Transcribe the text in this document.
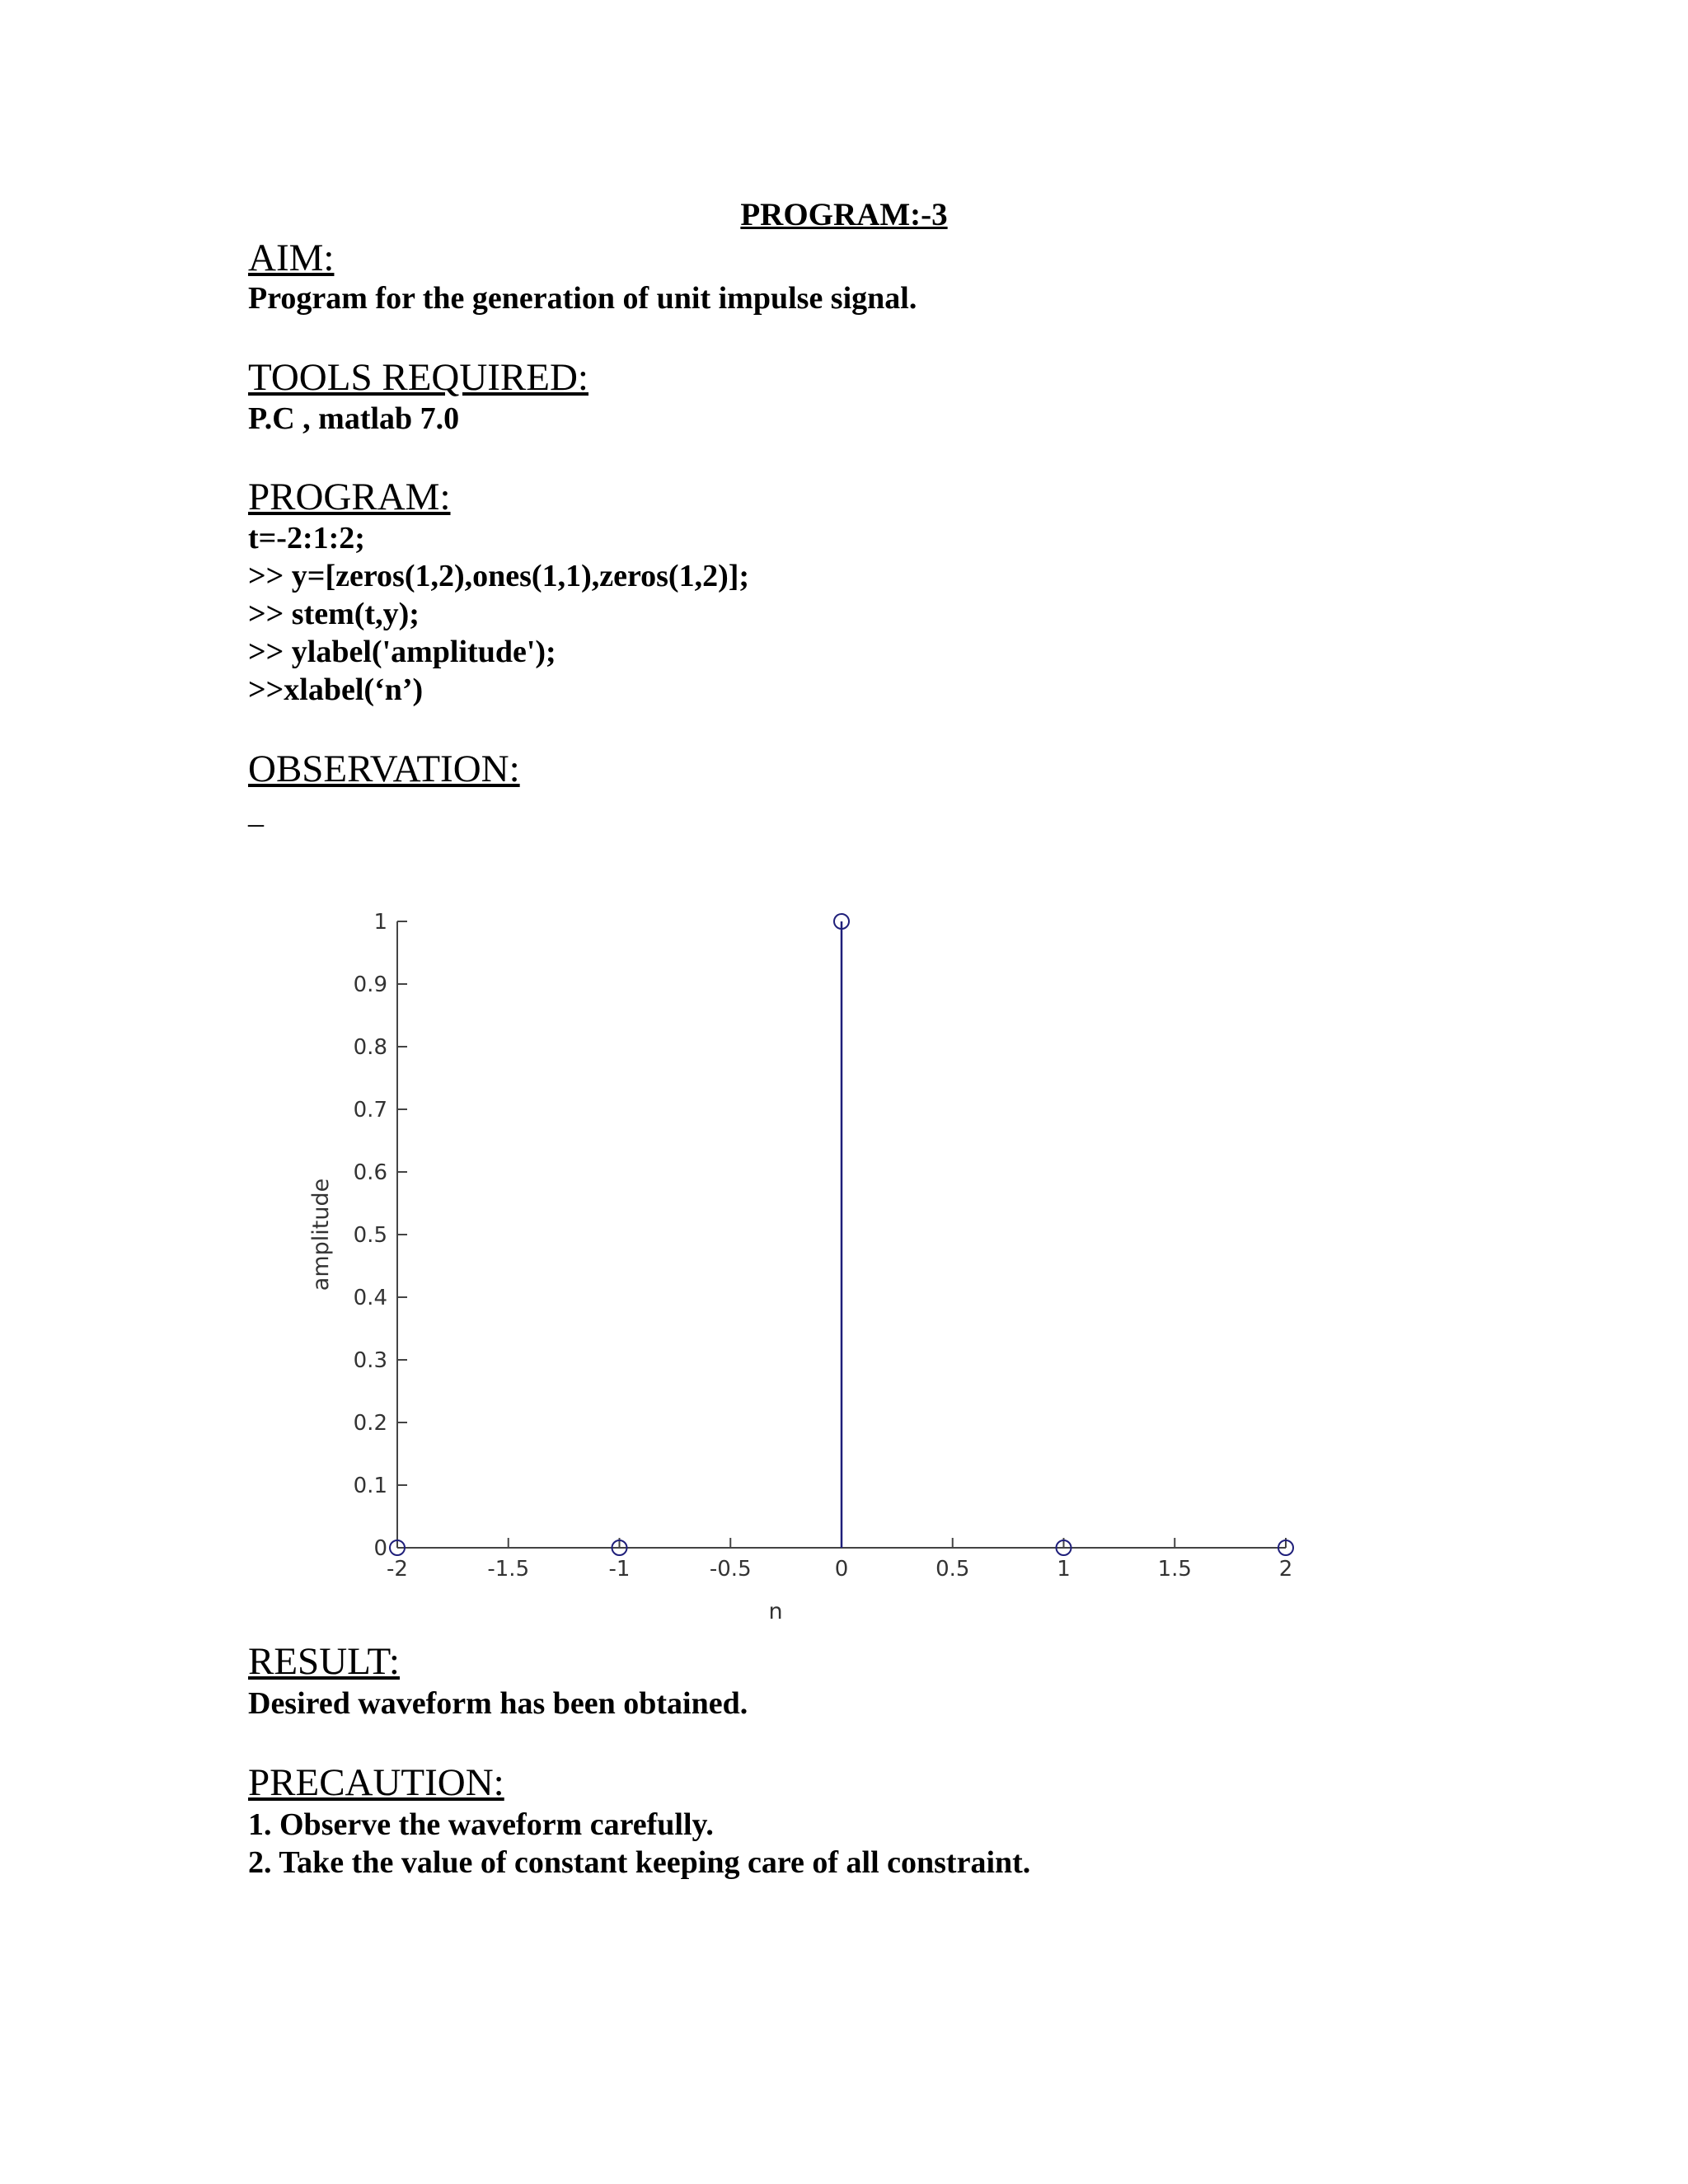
PROGRAM:-3
AIM:
Program for the generation of unit impulse signal.
TOOLS REQUIRED:
P.C , matlab 7.0
PROGRAM:
t=-2:1:2;
>> y=[zeros(1,2),ones(1,1),zeros(1,2)];
>> stem(t,y);
>> ylabel('amplitude');
>>xlabel(‘n’)
OBSERVATION:
–
0
0.1
0.2
0.3
0.4
0.5
0.6
0.7
0.8
0.9
1
-2	-1.5	-1	-0.5	0	0.5	1	1.5	2
n
amplitude
RESULT:
Desired waveform has been obtained.
PRECAUTION:
1. Observe the waveform carefully.
2. Take the value of constant keeping care of all constraint.
